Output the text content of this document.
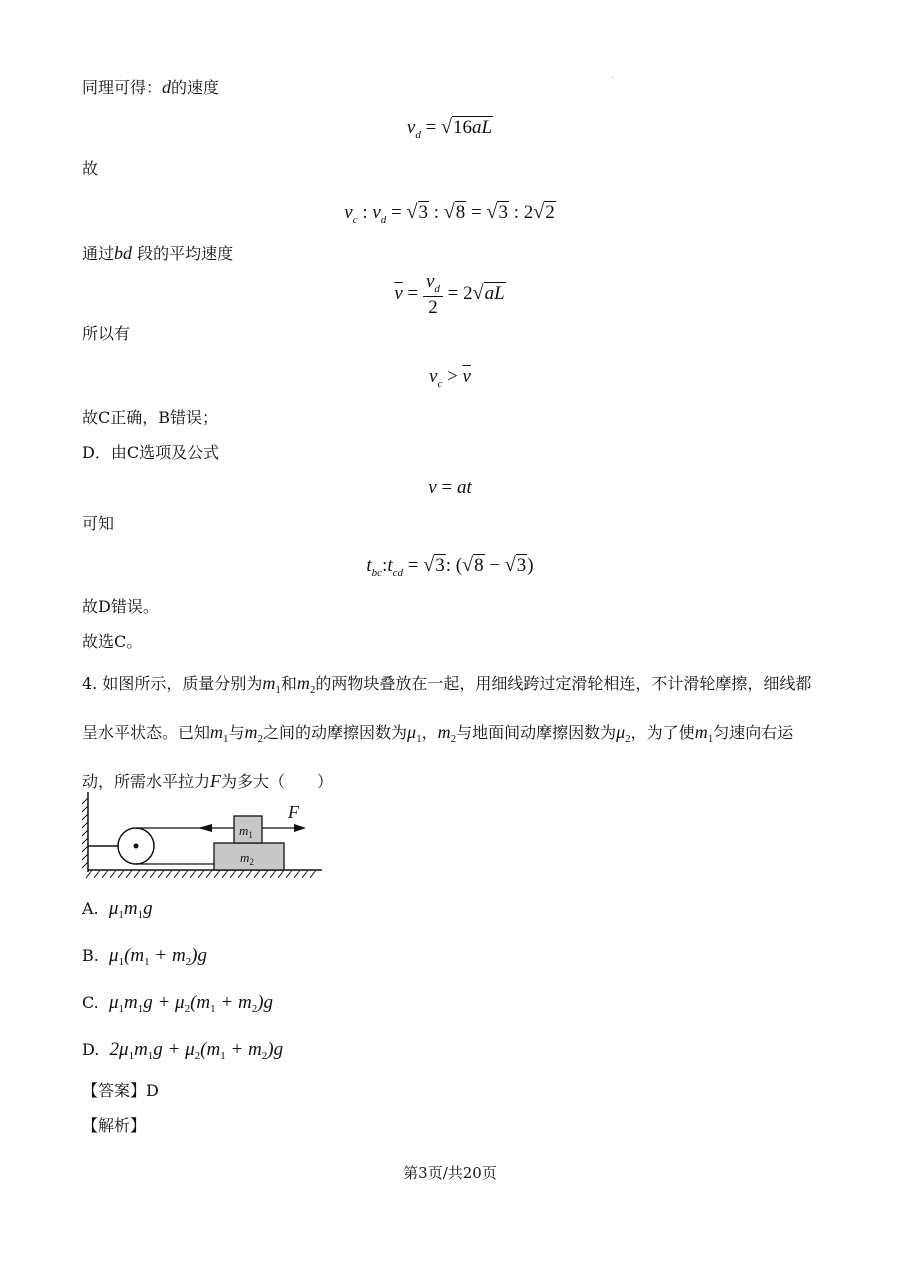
同理可得：d的速度
$v_d = √16aL$
故
$v_c$ : $v_d = √3$ : √8 = √3 : 2√2
通过bd 段的平均速度
$\overline{v} = \frac{v_d}{2} = 2√aL$
所以有
$v_c > \overline{v}$
故C正确，B错误；
D．由C选项及公式
v = at
可知
$t_{bc}:t_{cd} = √3$: (√8 − √3)
故D错误。
故选C。
4. 如图所示，质量分别为$m_1$和$m_2$的两物块叠放在一起，用细线跨过定滑轮相连，不计滑轮摩擦，细线都呈水平状态。已知$m_1$与$m_2$之间的动摩擦因数为$\mu_1$，$m_2$与地面间动摩擦因数为$\mu_2$，为了使$m_1$匀速向右运动，所需水平拉力F为多大（　　）
F
$m_1$
$m_2$
A. $\mu_1m_1g$
B. $\mu_1(m_1 + m_2)g$
C. $\mu_1m_1g + \mu_2(m_1 + m_2)g$
D. $2\mu_1m_1g + \mu_2(m_1 + m_2)g$
【答案】D
【解析】
第3页/共20页
